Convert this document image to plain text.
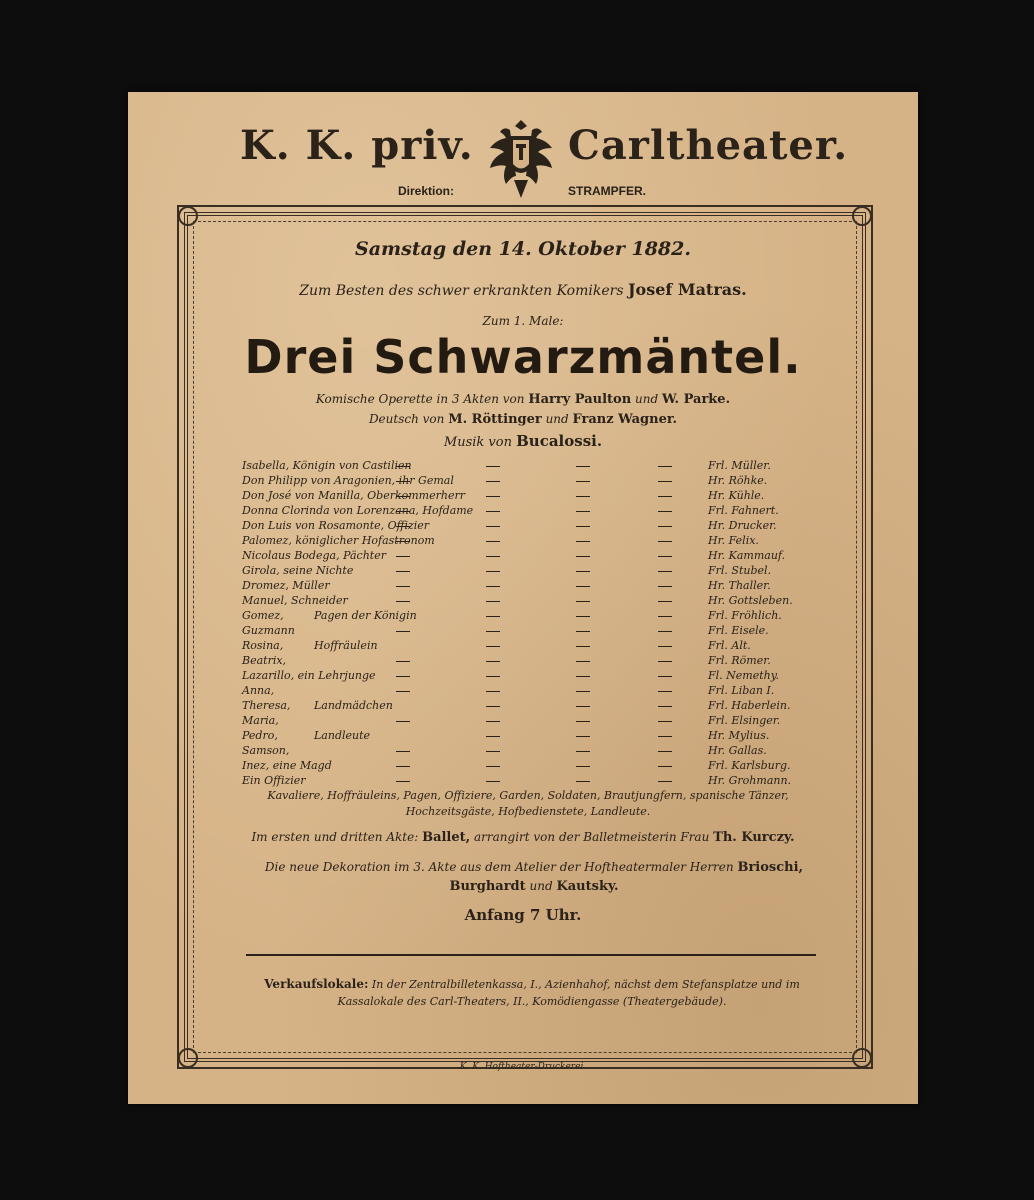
K. K. priv. Carltheater.
Direktion:	STRAMPFER.
Samstag den 14. Oktober 1882.
Zum Besten des schwer erkrankten Komikers Josef Matras.
Zum 1. Male:
Drei Schwarzmäntel.
Komische Operette in 3 Akten von Harry Paulton und W. Parke.
Deutsch von M. Röttinger und Franz Wagner.
Musik von Bucalossi.
Isabella, Königin von Castilien	Frl. Müller.
Don Philipp von Aragonien, ihr Gemal	Hr. Röhke.
Don José von Manilla, Oberkommerherr	Hr. Kühle.
Donna Clorinda von Lorenzana, Hofdame	Frl. Fahnert.
Don Luis von Rosamonte, Offizier	Hr. Drucker.
Palomez, königlicher Hofastronom	Hr. Felix.
Nicolaus Bodega, Pächter	Hr. Kammauf.
Girola, seine Nichte	Frl. Stubel.
Dromez, Müller	Hr. Thaller.
Manuel, Schneider	Hr. Gottsleben.
Gomez,	Pagen der Königin	Frl. Fröhlich.
Guzmann	Frl. Eisele.
Rosina,	Hoffräulein	Frl. Alt.
Beatrix,	Frl. Römer.
Lazarillo, ein Lehrjunge	Fl. Nemethy.
Anna,	Frl. Liban I.
Theresa, Landmädchen	Frl. Haberlein.
Maria,	Frl. Elsinger.
Pedro,	Landleute	Hr. Mylius.
Samson,	Hr. Gallas.
Inez, eine Magd	Frl. Karlsburg.
Ein Offizier	Hr. Grohmann.
Kavaliere, Hoffräuleins, Pagen, Offiziere, Garden, Soldaten, Brautjungfern, spanische Tänzer, Hochzeitsgäste, Hofbedienstete, Landleute.
Im ersten und dritten Akte: Ballet, arrangirt von der Balletmeisterin Frau Th. Kurczy.
Die neue Dekoration im 3. Akte aus dem Atelier der Hoftheatermaler Herren Brioschi,
Burghardt und Kautsky.
Anfang 7 Uhr.
Verkaufslokale: In der Zentralbilletenkassa, I., Azienhahof, nächst dem Stefansplatze und im Kassalokale des Carl-Theaters, II., Komödiengasse (Theatergebäude).
K. K. Hoftheater-Druckerei.
